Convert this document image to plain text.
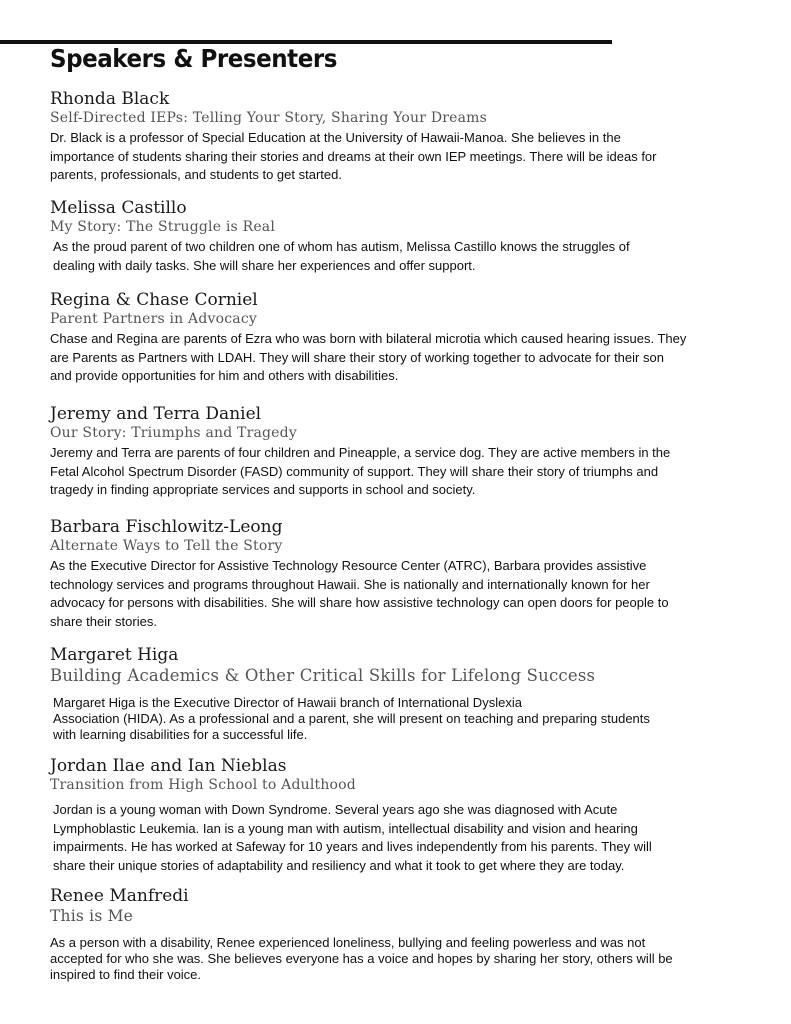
Speakers & Presenters

Rhonda Black

Self-Directed IEPs: Telling Your Story, Sharing Your Dreams

Dr. Black is a professor of Special Education at the University of Hawaii-Manoa. She believes in the
importance of students sharing their stories and dreams at their own IEP meetings. There will be ideas for
parents, professionals, and students to get started.

Melissa Castillo

My Story: The Struggle is Real

As the proud parent of two children one of whom has autism, Melissa Castillo knows the struggles of
dealing with daily tasks. She will share her experiences and offer support.

Regina & Chase Corniel

Parent Partners in Advocacy

Chase and Regina are parents of Ezra who was born with bilateral microtia which caused hearing issues. They
are Parents as Partners with LDAH. They will share their story of working together to advocate for their son
and provide opportunities for him and others with disabilities.

Jeremy and Terra Daniel

Our Story: Triumphs and Tragedy

Jeremy and Terra are parents of four children and Pineapple, a service dog. They are active members in the
Fetal Alcohol Spectrum Disorder (FASD) community of support. They will share their story of triumphs and
tragedy in finding appropriate services and supports in school and society.

Barbara Fischlowitz-Leong

Alternate Ways to Tell the Story

As the Executive Director for Assistive Technology Resource Center (ATRC), Barbara provides assistive
technology services and programs throughout Hawaii. She is nationally and internationally known for her
advocacy for persons with disabilities. She will share how assistive technology can open doors for people to
share their stories.

Margaret Higa

Building Academics & Other Critical Skills for Lifelong Success

Margaret Higa is the Executive Director of Hawaii branch of International Dyslexia
Association (HIDA). As a professional and a parent, she will present on teaching and preparing students
with learning disabilities for a successful life.

Jordan Ilae and Ian Nieblas

Transition from High School to Adulthood

Jordan is a young woman with Down Syndrome. Several years ago she was diagnosed with Acute
Lymphoblastic Leukemia. Ian is a young man with autism, intellectual disability and vision and hearing
impairments. He has worked at Safeway for 10 years and lives independently from his parents. They will
share their unique stories of adaptability and resiliency and what it took to get where they are today.

Renee Manfredi

This is Me

As a person with a disability, Renee experienced loneliness, bullying and feeling powerless and was not
accepted for who she was. She believes everyone has a voice and hopes by sharing her story, others will be
inspired to find their voice.
